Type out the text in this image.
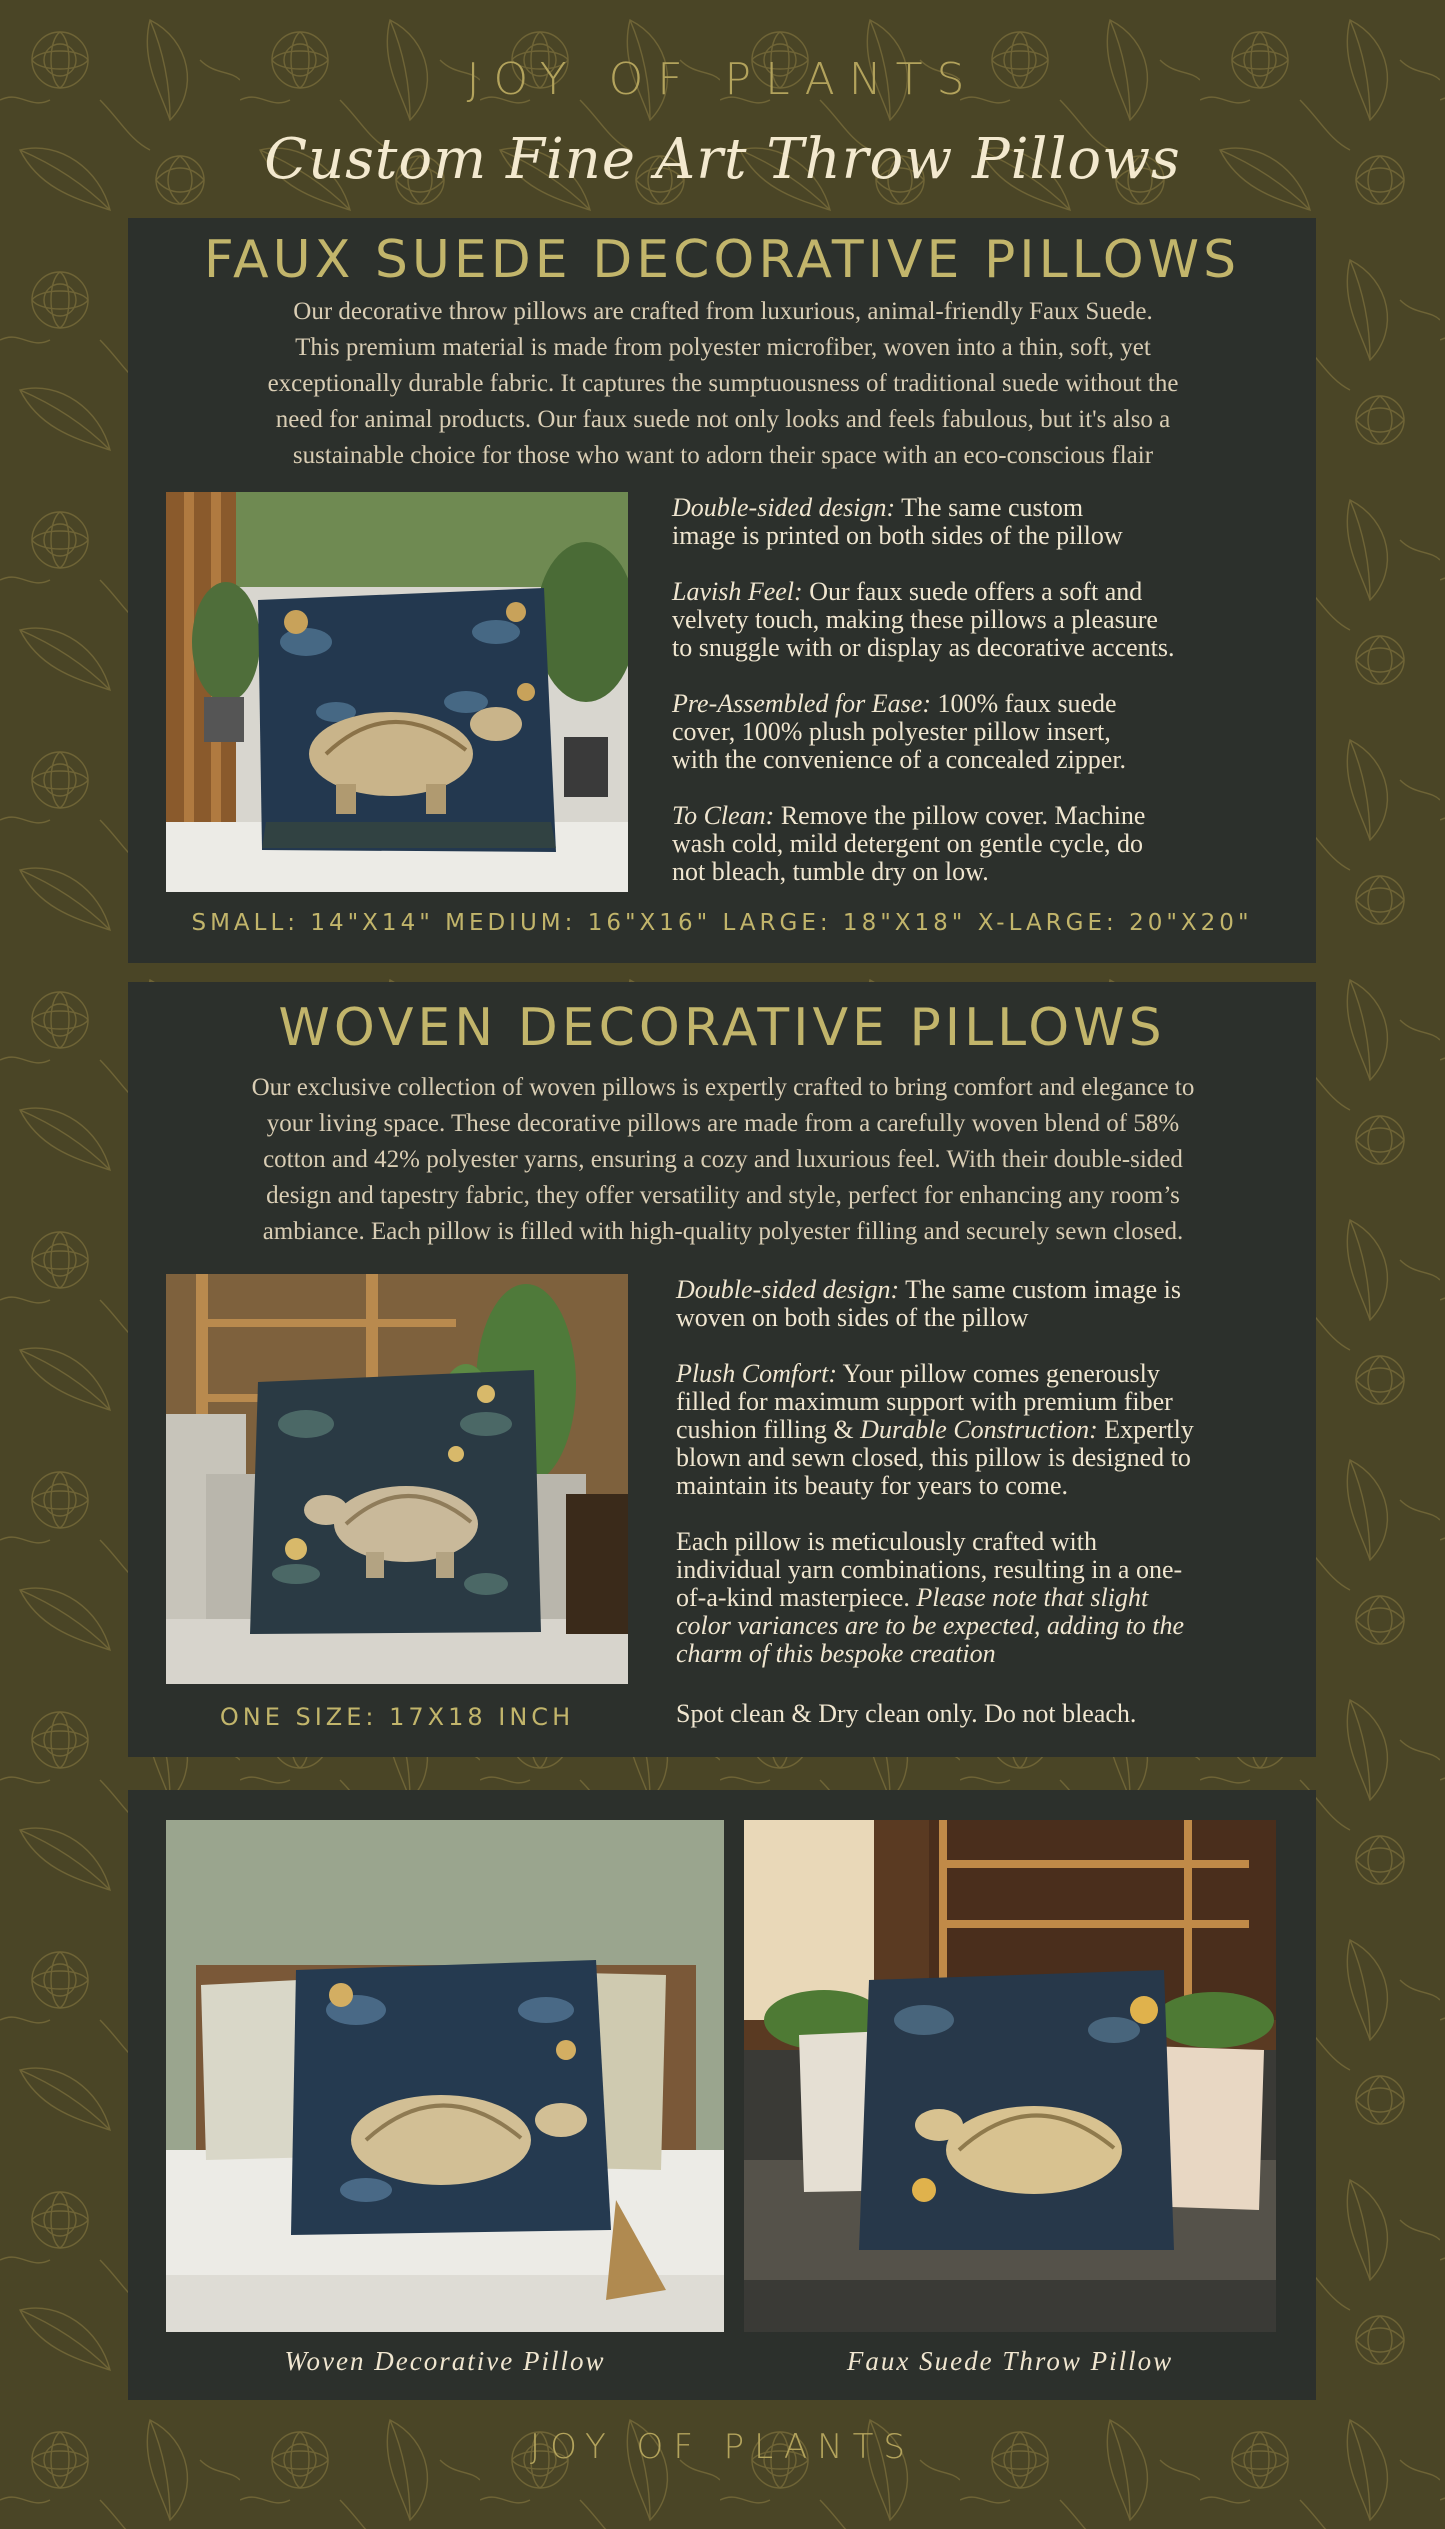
JOY OF PLANTS
Custom Fine Art Throw Pillows
FAUX SUEDE DECORATIVE PILLOWS
Our decorative throw pillows are crafted from luxurious, animal-friendly Faux Suede.
This premium material is made from polyester microfiber, woven into a thin, soft, yet
exceptionally durable fabric. It captures the sumptuousness of traditional suede without the
need for animal products. Our faux suede not only looks and feels fabulous, but it's also a
sustainable choice for those who want to adorn their space with an eco-conscious flair
Double-sided design: The same custom
image is printed on both sides of the pillow
Lavish Feel: Our faux suede offers a soft and
velvety touch, making these pillows a pleasure
to snuggle with or display as decorative accents.
Pre-Assembled for Ease: 100% faux suede
cover, 100% plush polyester pillow insert,
with the convenience of a concealed zipper.
To Clean: Remove the pillow cover. Machine
wash cold, mild detergent on gentle cycle, do
not bleach, tumble dry on low.
SMALL: 14"X14" MEDIUM: 16"X16" LARGE: 18"X18" X-LARGE: 20"X20"
WOVEN DECORATIVE PILLOWS
Our exclusive collection of woven pillows is expertly crafted to bring comfort and elegance to
your living space. These decorative pillows are made from a carefully woven blend of 58%
cotton and 42% polyester yarns, ensuring a cozy and luxurious feel. With their double-sided
design and tapestry fabric, they offer versatility and style, perfect for enhancing any room’s
ambiance. Each pillow is filled with high-quality polyester filling and securely sewn closed.
Double-sided design: The same custom image is
woven on both sides of the pillow
Plush Comfort: Your pillow comes generously
filled for maximum support with premium fiber
cushion filling & Durable Construction: Expertly
blown and sewn closed, this pillow is designed to
maintain its beauty for years to come.
Each pillow is meticulously crafted with
individual yarn combinations, resulting in a one-
of-a-kind masterpiece. Please note that slight
color variances are to be expected, adding to the
charm of this bespoke creation
ONE SIZE: 17X18 INCH	Spot clean & Dry clean only. Do not bleach.
Woven Decorative Pillow	Faux Suede Throw Pillow
JOY OF PLANTS
